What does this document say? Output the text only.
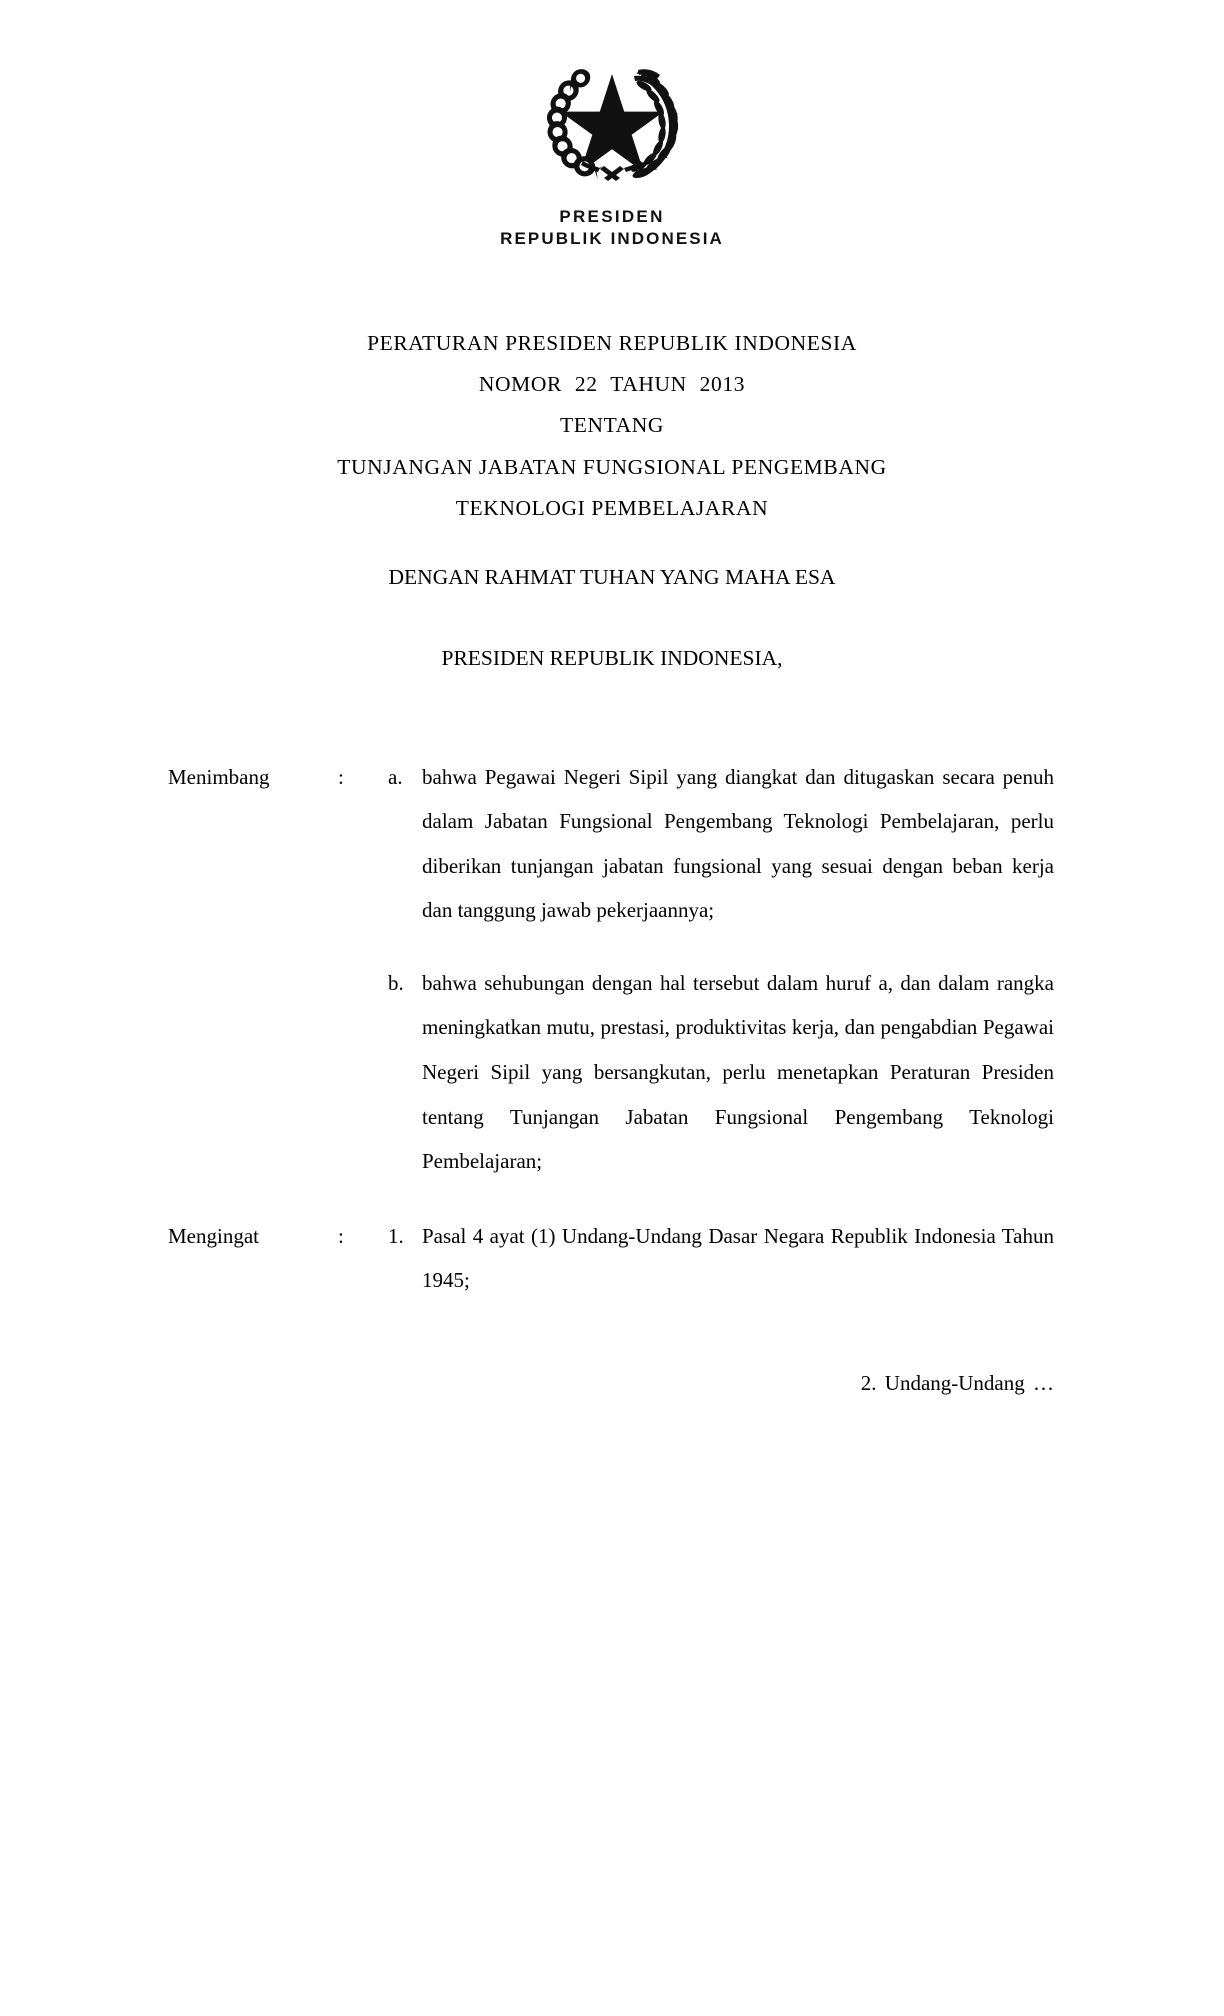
PRESIDEN
REPUBLIK INDONESIA
PERATURAN PRESIDEN REPUBLIK INDONESIA
NOMOR 22 TAHUN 2013
TENTANG
TUNJANGAN JABATAN FUNGSIONAL PENGEMBANG
TEKNOLOGI PEMBELAJARAN
DENGAN RAHMAT TUHAN YANG MAHA ESA
PRESIDEN REPUBLIK INDONESIA,
Menimbang	:	a. bahwa Pegawai Negeri Sipil yang diangkat dan ditugaskan secara penuh dalam Jabatan Fungsional Pengembang Teknologi Pembelajaran, perlu diberikan tunjangan jabatan fungsional yang sesuai dengan beban kerja dan tanggung jawab pekerjaannya;
b. bahwa sehubungan dengan hal tersebut dalam huruf a, dan dalam rangka meningkatkan mutu, prestasi, produktivitas kerja, dan pengabdian Pegawai Negeri Sipil yang bersangkutan, perlu menetapkan Peraturan Presiden tentang Tunjangan Jabatan Fungsional Pengembang Teknologi Pembelajaran;
Mengingat	:	1. Pasal 4 ayat (1) Undang-Undang Dasar Negara Republik Indonesia Tahun 1945;
2. Undang-Undang …
